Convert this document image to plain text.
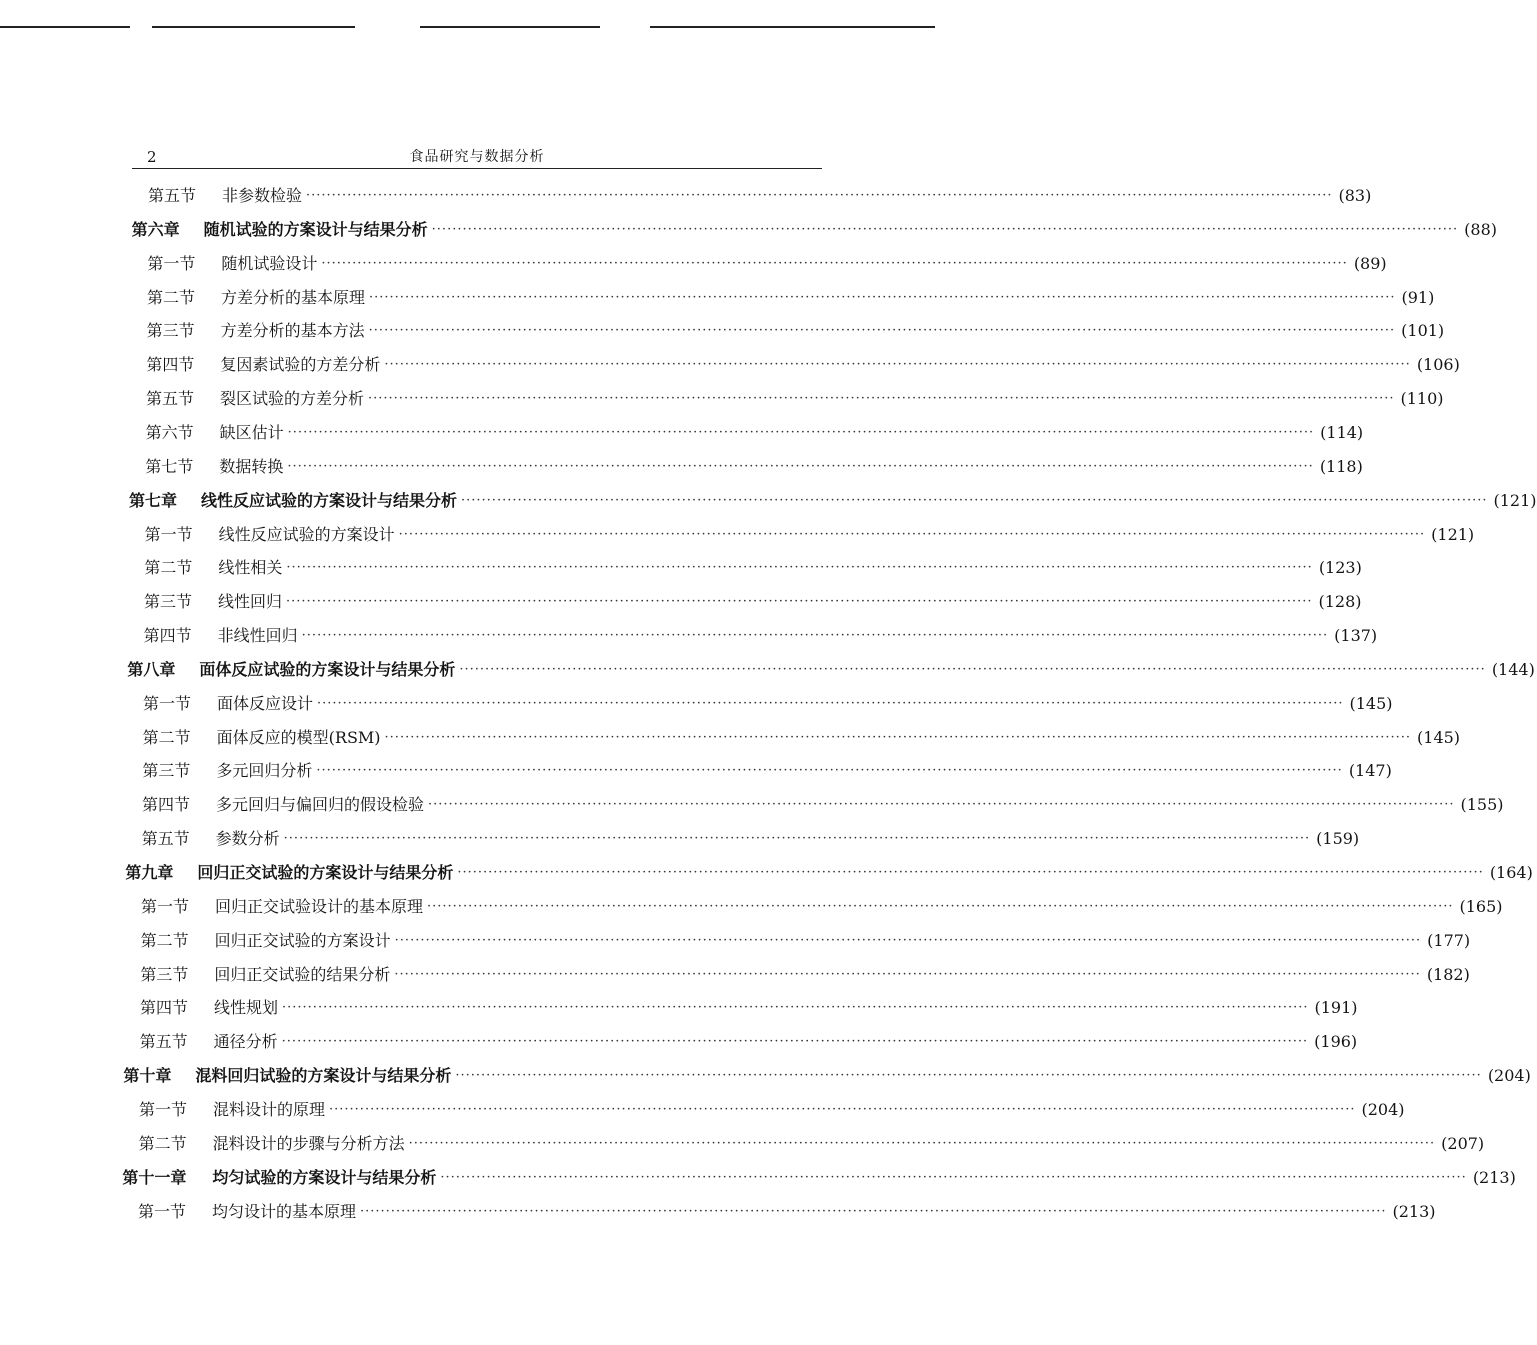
2	食品研究与数据分析
第五节	非参数检验 ········································································································································································································ (83)
第六章	随机试验的方案设计与结果分析 ········································································································································································································ (88)
第一节	随机试验设计 ········································································································································································································ (89)
第二节	方差分析的基本原理 ········································································································································································································ (91)
第三节	方差分析的基本方法 ········································································································································································································ (101)
第四节	复因素试验的方差分析 ········································································································································································································ (106)
第五节	裂区试验的方差分析 ········································································································································································································ (110)
第六节	缺区估计 ········································································································································································································ (114)
第七节	数据转换 ········································································································································································································ (118)
第七章	线性反应试验的方案设计与结果分析 ········································································································································································································ (121)
第一节	线性反应试验的方案设计 ········································································································································································································ (121)
第二节	线性相关 ········································································································································································································ (123)
第三节	线性回归 ········································································································································································································ (128)
第四节	非线性回归 ········································································································································································································ (137)
第八章	面体反应试验的方案设计与结果分析 ········································································································································································································ (144)
第一节	面体反应设计 ········································································································································································································ (145)
第二节	面体反应的模型(RSM) ········································································································································································································ (145)
第三节	多元回归分析 ········································································································································································································ (147)
第四节	多元回归与偏回归的假设检验 ········································································································································································································ (155)
第五节	参数分析 ········································································································································································································ (159)
第九章	回归正交试验的方案设计与结果分析 ········································································································································································································ (164)
第一节	回归正交试验设计的基本原理 ········································································································································································································ (165)
第二节	回归正交试验的方案设计 ········································································································································································································ (177)
第三节	回归正交试验的结果分析 ········································································································································································································ (182)
第四节	线性规划 ········································································································································································································ (191)
第五节	通径分析 ········································································································································································································ (196)
第十章	混料回归试验的方案设计与结果分析 ········································································································································································································ (204)
第一节	混料设计的原理 ········································································································································································································ (204)
第二节	混料设计的步骤与分析方法 ········································································································································································································ (207)
第十一章	均匀试验的方案设计与结果分析 ········································································································································································································ (213)
第一节	均匀设计的基本原理 ········································································································································································································ (213)
